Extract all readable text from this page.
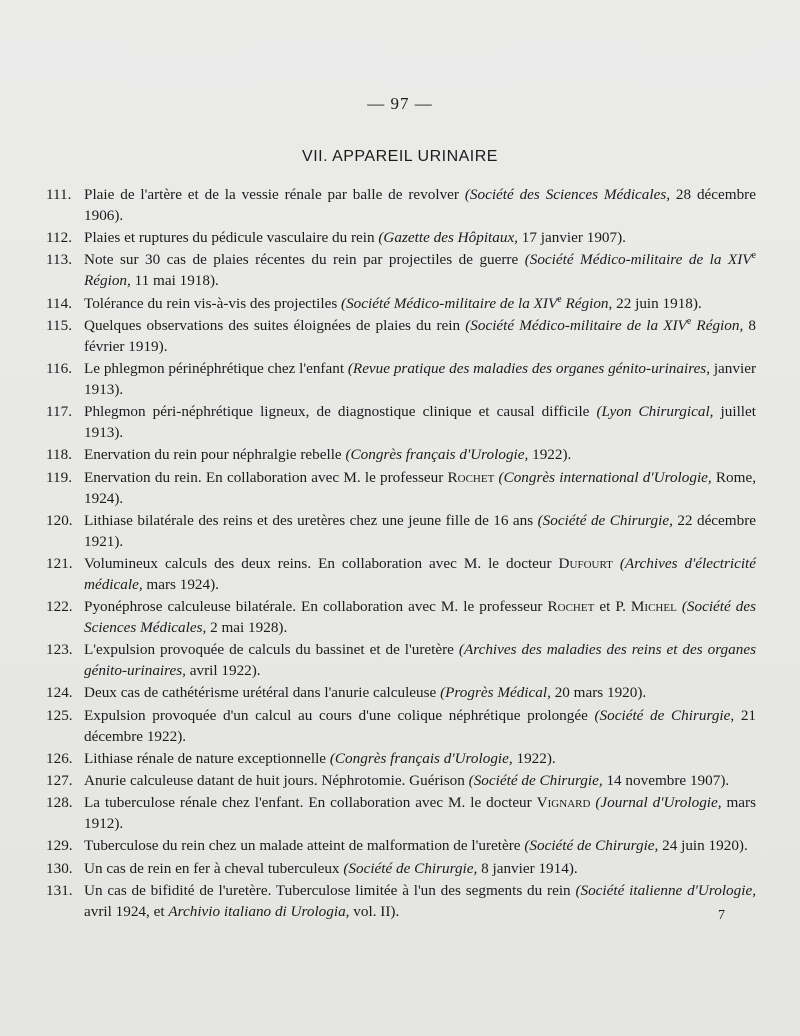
— 97 —
VII. APPAREIL URINAIRE
111. Plaie de l'artère et de la vessie rénale par balle de revolver (Société des Sciences Médicales, 28 décembre 1906).
112. Plaies et ruptures du pédicule vasculaire du rein (Gazette des Hôpitaux, 17 janvier 1907).
113. Note sur 30 cas de plaies récentes du rein par projectiles de guerre (Société Médico-militaire de la XIVe Région, 11 mai 1918).
114. Tolérance du rein vis-à-vis des projectiles (Société Médico-militaire de la XIVe Région, 22 juin 1918).
115. Quelques observations des suites éloignées de plaies du rein (Société Médico-militaire de la XIVe Région, 8 février 1919).
116. Le phlegmon périnéphrétique chez l'enfant (Revue pratique des maladies des organes génito-urinaires, janvier 1913).
117. Phlegmon péri-néphrétique ligneux, de diagnostique clinique et causal difficile (Lyon Chirurgical, juillet 1913).
118. Enervation du rein pour néphralgie rebelle (Congrès français d'Urologie, 1922).
119. Enervation du rein. En collaboration avec M. le professeur Rochet (Congrès international d'Urologie, Rome, 1924).
120. Lithiase bilatérale des reins et des uretères chez une jeune fille de 16 ans (Société de Chirurgie, 22 décembre 1921).
121. Volumineux calculs des deux reins. En collaboration avec M. le docteur Dufourt (Archives d'électricité médicale, mars 1924).
122. Pyonéphrose calculeuse bilatérale. En collaboration avec M. le professeur Rochet et P. Michel (Société des Sciences Médicales, 2 mai 1928).
123. L'expulsion provoquée de calculs du bassinet et de l'uretère (Archives des maladies des reins et des organes génito-urinaires, avril 1922).
124. Deux cas de cathétérisme urétéral dans l'anurie calculeuse (Progrès Médical, 20 mars 1920).
125. Expulsion provoquée d'un calcul au cours d'une colique néphrétique prolongée (Société de Chirurgie, 21 décembre 1922).
126. Lithiase rénale de nature exceptionnelle (Congrès français d'Urologie, 1922).
127. Anurie calculeuse datant de huit jours. Néphrotomie. Guérison (Société de Chirurgie, 14 novembre 1907).
128. La tuberculose rénale chez l'enfant. En collaboration avec M. le docteur Vignard (Journal d'Urologie, mars 1912).
129. Tuberculose du rein chez un malade atteint de malformation de l'uretère (Société de Chirurgie, 24 juin 1920).
130. Un cas de rein en fer à cheval tuberculeux (Société de Chirurgie, 8 janvier 1914).
131. Un cas de bifidité de l'uretère. Tuberculose limitée à l'un des segments du rein (Société italienne d'Urologie, avril 1924, et Archivio italiano di Urologia, vol. II).	7
